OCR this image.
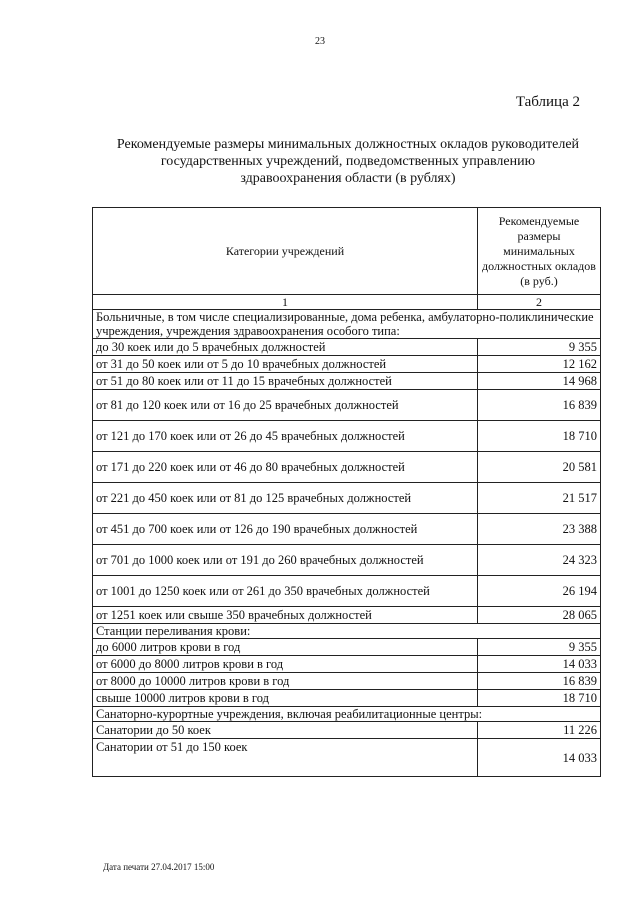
23
Таблица 2
Рекомендуемые размеры минимальных должностных окладов руководителей
государственных учреждений, подведомственных управлению
здравоохранения области (в рублях)
Категории учреждений	Рекомендуемые размеры минимальных должностных окладов (в руб.)
1	2
Больничные, в том числе специализированные, дома ребенка, амбулаторно-поликлинические учреждения, учреждения здравоохранения особого типа:	
до 30 коек или до 5 врачебных должностей	9 355
от 31 до 50 коек или от 5 до 10 врачебных должностей	12 162
от 51 до 80 коек или от 11 до 15 врачебных должностей	14 968
от 81 до 120 коек или от 16 до 25 врачебных должностей	16 839
от 121 до 170 коек или от 26 до 45 врачебных должностей	18 710
от 171 до 220 коек или от 46 до 80 врачебных должностей	20 581
от 221 до 450 коек или от 81 до 125 врачебных должностей	21 517
от 451 до 700 коек или от 126 до 190 врачебных должностей	23 388
от 701 до 1000 коек или от 191 до 260 врачебных должностей	24 323
от 1001 до 1250 коек или от 261 до 350 врачебных должностей	26 194
от 1251 коек или свыше 350 врачебных должностей	28 065
Станции переливания крови:	
до 6000 литров крови в год	9 355
от 6000 до 8000 литров крови в год	14 033
от 8000 до 10000 литров крови в год	16 839
свыше 10000 литров крови в год	18 710
Санаторно-курортные учреждения, включая реабилитационные центры:	
Санатории до 50 коек	11 226
Санатории от 51 до 150 коек	14 033
Дата печати 27.04.2017 15:00
